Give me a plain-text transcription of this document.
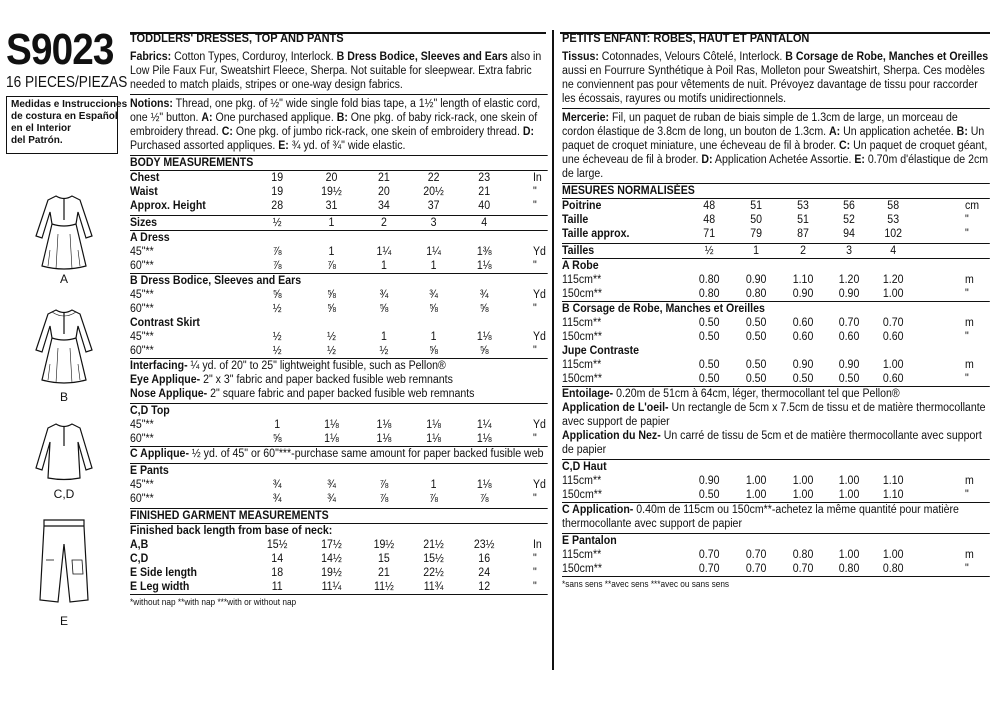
S9023
16 PIECES/PIEZAS
Medidas e Instrucciones
de costura en Español
en el Interior
del Patrón.
A
B
C,D
E
TODDLERS' DRESSES, TOP AND PANTS
Fabrics: Cotton Types, Corduroy, Interlock. B Dress Bodice, Sleeves and Ears also in Low Pile Faux Fur, Sweatshirt Fleece, Sherpa. Not suitable for sleepwear. Extra fabric needed to match plaids, stripes or one-way design fabrics.
Notions: Thread, one pkg. of ½" wide single fold bias tape, a 1½" length of elastic cord, one ½" button. A: One purchased applique. B: One pkg. of baby rick-rack, one skein of embroidery thread. C: One pkg. of jumbo rick-rack, one skein of embroidery thread. D: Purchased assorted appliques. E: ¾ yd. of ¾" wide elastic.
BODY MEASUREMENTS
Chest	19	20	21	22	23	In
Waist	19	19½	20	20½	21	"
Approx. Height	28	31	34	37	40	"
Sizes	½	1	2	3	4
A Dress
45"**	⅞	1	1¼	1¼	1⅜	Yd
60"**	⅞	⅞	1	1	1⅛	"
B Dress Bodice, Sleeves and Ears
45"**	⅝	⅝	¾	¾	¾	Yd
60"**	½	⅝	⅝	⅝	⅝	"
Contrast Skirt
45"**	½	½	1	1	1⅛	Yd
60"**	½	½	½	⅝	⅝	"
Interfacing- ¼ yd. of 20" to 25" lightweight fusible, such as Pellon®
Eye Applique- 2" x 3" fabric and paper backed fusible web remnants
Nose Applique- 2" square fabric and paper backed fusible web remnants
C,D Top
45"**	1	1⅛	1⅛	1⅛	1¼	Yd
60"**	⅝	1⅛	1⅛	1⅛	1⅛	"
C Applique- ½ yd. of 45" or 60"***-purchase same amount for paper backed fusible web
E Pants
45"**	¾	¾	⅞	1	1⅛	Yd
60"**	¾	¾	⅞	⅞	⅞	"
FINISHED GARMENT MEASUREMENTS
Finished back length from base of neck:
A,B	15½	17½	19½	21½	23½	In
C,D	14	14½	15	15½	16	"
E Side length	18	19½	21	22½	24	"
E Leg width	11	11¼	11½	11¾	12	"
*without nap **with nap ***with or without nap
PETITS ENFANT: ROBES, HAUT ET PANTALON
Tissus: Cotonnades, Velours Côtelé, Interlock. B Corsage de Robe, Manches et Oreilles aussi en Fourrure Synthétique à Poil Ras, Molleton pour Sweatshirt, Sherpa. Ces modèles ne conviennent pas pour vêtements de nuit. Prévoyez davantage de tissu pour raccorder les écossais, rayures ou motifs unidirectionnels.
Mercerie: Fil, un paquet de ruban de biais simple de 1.3cm de large, un morceau de cordon élastique de 3.8cm de long, un bouton de 1.3cm. A: Un application achetée. B: Un paquet de croquet miniature, une écheveau de fil à broder. C: Un paquet de croquet géant, une écheveau de fil à broder. D: Application Achetée Assortie. E: 0.70m d'élastique de 2cm de large.
MESURES NORMALISÉES
Poitrine	48	51	53	56	58	cm
Taille	48	50	51	52	53	"
Taille approx.	71	79	87	94	102	"
Tailles	½	1	2	3	4
A Robe
115cm**	0.80	0.90	1.10	1.20	1.20	m
150cm**	0.80	0.80	0.90	0.90	1.00	"
B Corsage de Robe, Manches et Oreilles
115cm**	0.50	0.50	0.60	0.70	0.70	m
150cm**	0.50	0.50	0.60	0.60	0.60	"
Jupe Contraste
115cm**	0.50	0.50	0.90	0.90	1.00	m
150cm**	0.50	0.50	0.50	0.50	0.60	"
Entoilage- 0.20m de 51cm à 64cm, léger, thermocollant tel que Pellon®
Application de L'oeil- Un rectangle de 5cm x 7.5cm de tissu et de matière thermocollante avec support de papier
Application du Nez- Un carré de tissu de 5cm et de matière thermocollante avec support de papier
C,D Haut
115cm**	0.90	1.00	1.00	1.00	1.10	m
150cm**	0.50	1.00	1.00	1.00	1.10	"
C Application- 0.40m de 115cm ou 150cm**-achetez la même quantité pour matière thermocollante avec support de papier
E Pantalon
115cm**	0.70	0.70	0.80	1.00	1.00	m
150cm**	0.70	0.70	0.70	0.80	0.80	"
*sans sens **avec sens ***avec ou sans sens
